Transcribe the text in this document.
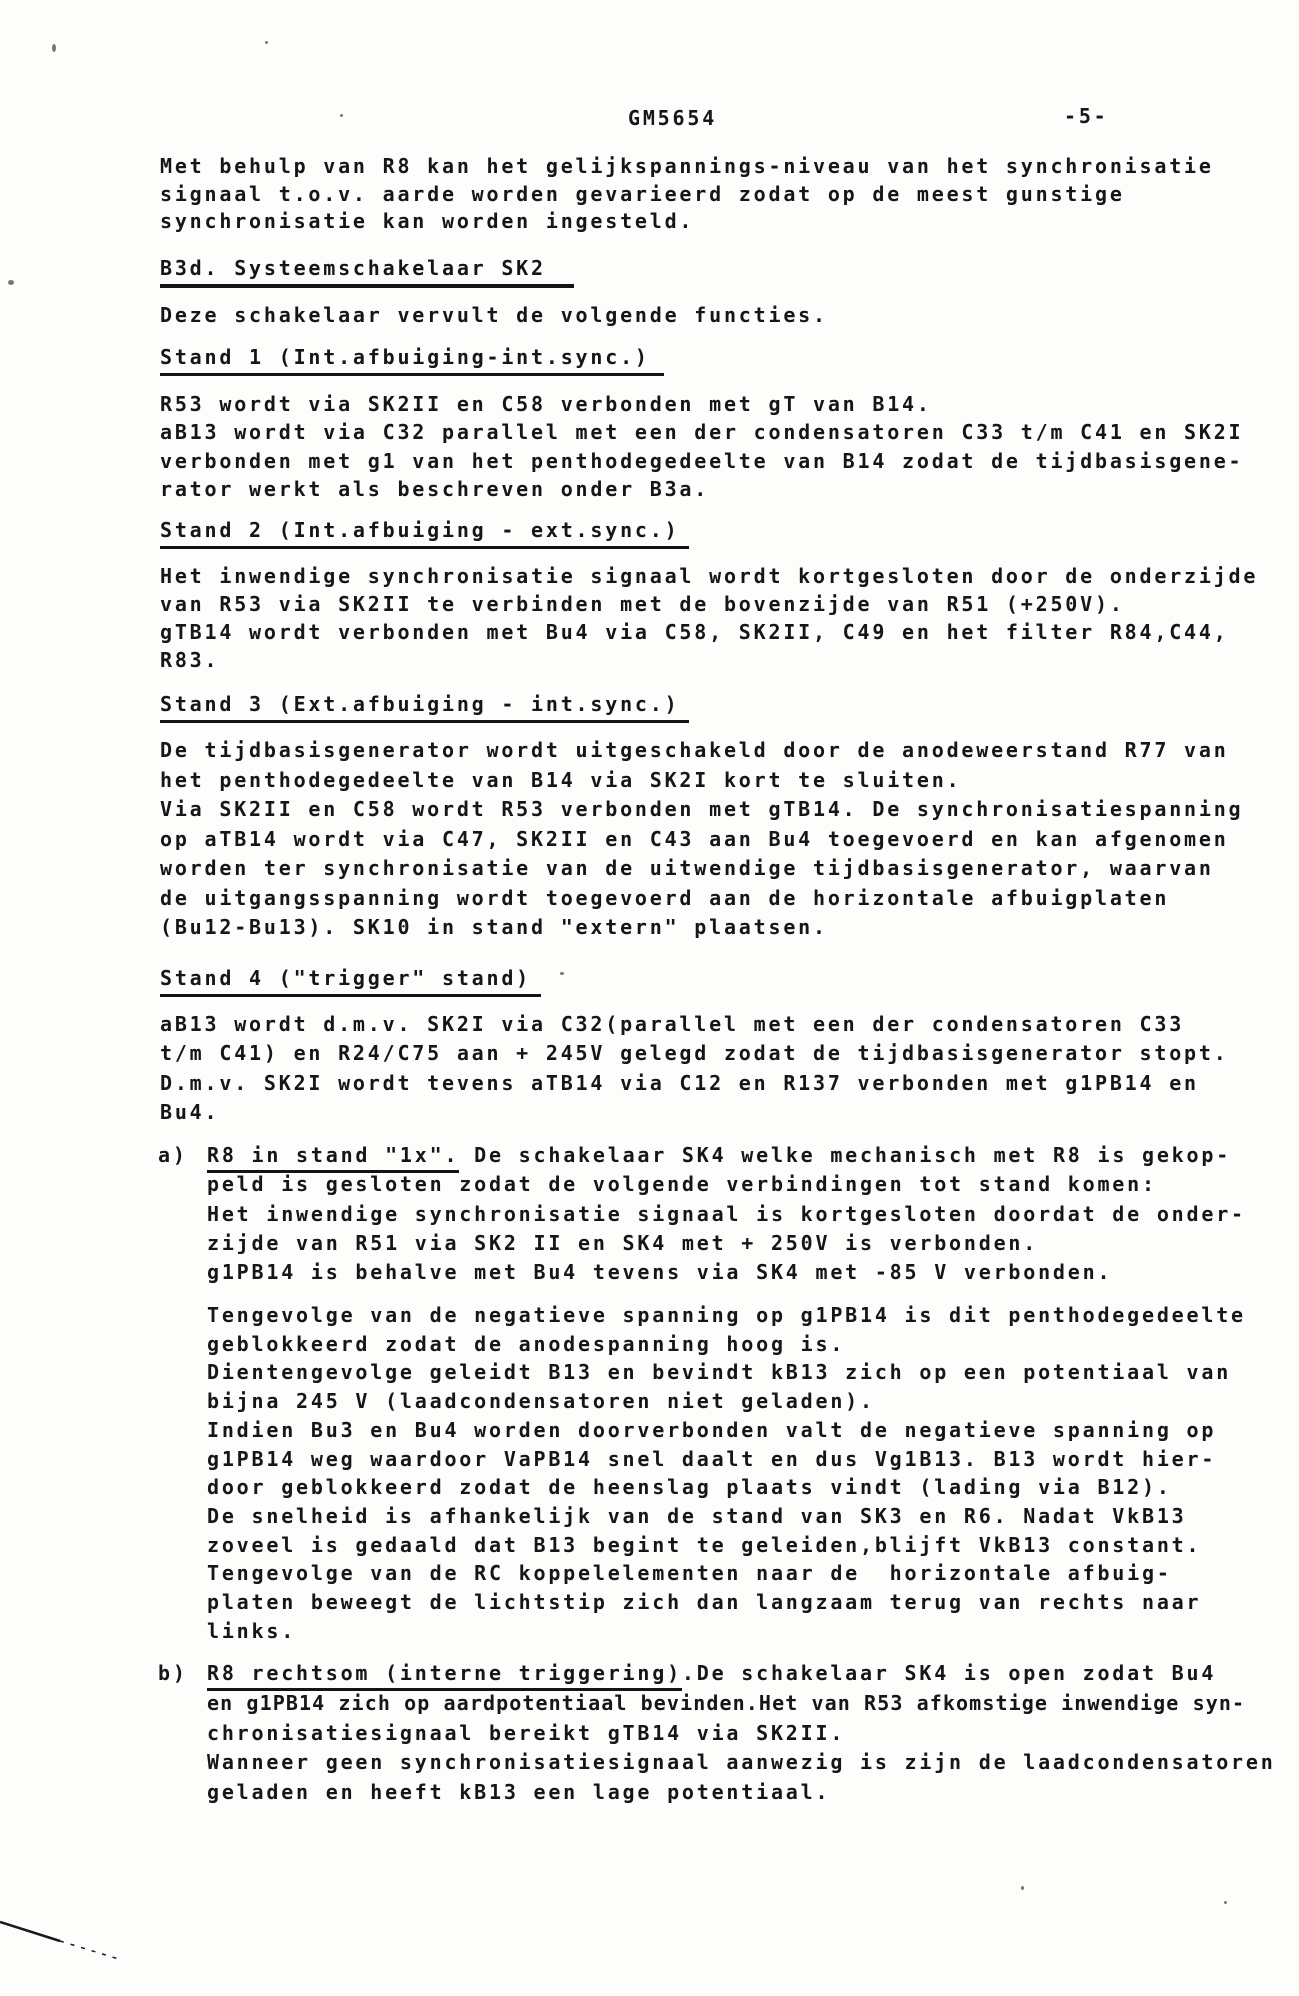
GM5654	-5-
Met behulp van R8 kan het gelijkspannings-niveau van het synchronisatie
signaal t.o.v. aarde worden gevarieerd zodat op de meest gunstige
synchronisatie kan worden ingesteld.
B3d. Systeemschakelaar SK2
Deze schakelaar vervult de volgende functies.
Stand 1 (Int.afbuiging-int.sync.)
R53 wordt via SK2II en C58 verbonden met gT van B14.
aB13 wordt via C32 parallel met een der condensatoren C33 t/m C41 en SK2I
verbonden met g1 van het penthodegedeelte van B14 zodat de tijdbasisgene-
rator werkt als beschreven onder B3a.
Stand 2 (Int.afbuiging - ext.sync.)
Het inwendige synchronisatie signaal wordt kortgesloten door de onderzijde
van R53 via SK2II te verbinden met de bovenzijde van R51 (+250V).
gTB14 wordt verbonden met Bu4 via C58, SK2II, C49 en het filter R84,C44,
R83.
Stand 3 (Ext.afbuiging - int.sync.)
De tijdbasisgenerator wordt uitgeschakeld door de anodeweerstand R77 van
het penthodegedeelte van B14 via SK2I kort te sluiten.
Via SK2II en C58 wordt R53 verbonden met gTB14. De synchronisatiespanning
op aTB14 wordt via C47, SK2II en C43 aan Bu4 toegevoerd en kan afgenomen
worden ter synchronisatie van de uitwendige tijdbasisgenerator, waarvan
de uitgangsspanning wordt toegevoerd aan de horizontale afbuigplaten
(Bu12-Bu13). SK10 in stand "extern" plaatsen.
Stand 4 ("trigger" stand)
aB13 wordt d.m.v. SK2I via C32(parallel met een der condensatoren C33
t/m C41) en R24/C75 aan + 245V gelegd zodat de tijdbasisgenerator stopt.
D.m.v. SK2I wordt tevens aTB14 via C12 en R137 verbonden met g1PB14 en
Bu4.
a) R8 in stand "1x". De schakelaar SK4 welke mechanisch met R8 is gekop-
peld is gesloten zodat de volgende verbindingen tot stand komen:
Het inwendige synchronisatie signaal is kortgesloten doordat de onder-
zijde van R51 via SK2 II en SK4 met + 250V is verbonden.
g1PB14 is behalve met Bu4 tevens via SK4 met -85 V verbonden.
Tengevolge van de negatieve spanning op g1PB14 is dit penthodegedeelte
geblokkeerd zodat de anodespanning hoog is.
Dientengevolge geleidt B13 en bevindt kB13 zich op een potentiaal van
bijna 245 V (laadcondensatoren niet geladen).
Indien Bu3 en Bu4 worden doorverbonden valt de negatieve spanning op
g1PB14 weg waardoor VaPB14 snel daalt en dus Vg1B13. B13 wordt hier-
door geblokkeerd zodat de heenslag plaats vindt (lading via B12).
De snelheid is afhankelijk van de stand van SK3 en R6. Nadat VkB13
zoveel is gedaald dat B13 begint te geleiden,blijft VkB13 constant.
Tengevolge van de RC koppelelementen naar de  horizontale afbuig-
platen beweegt de lichtstip zich dan langzaam terug van rechts naar
links.
b) R8 rechtsom (interne triggering).De schakelaar SK4 is open zodat Bu4
en g1PB14 zich op aardpotentiaal bevinden.Het van R53 afkomstige inwendige syn-
chronisatiesignaal bereikt gTB14 via SK2II.
Wanneer geen synchronisatiesignaal aanwezig is zijn de laadcondensatoren
geladen en heeft kB13 een lage potentiaal.
